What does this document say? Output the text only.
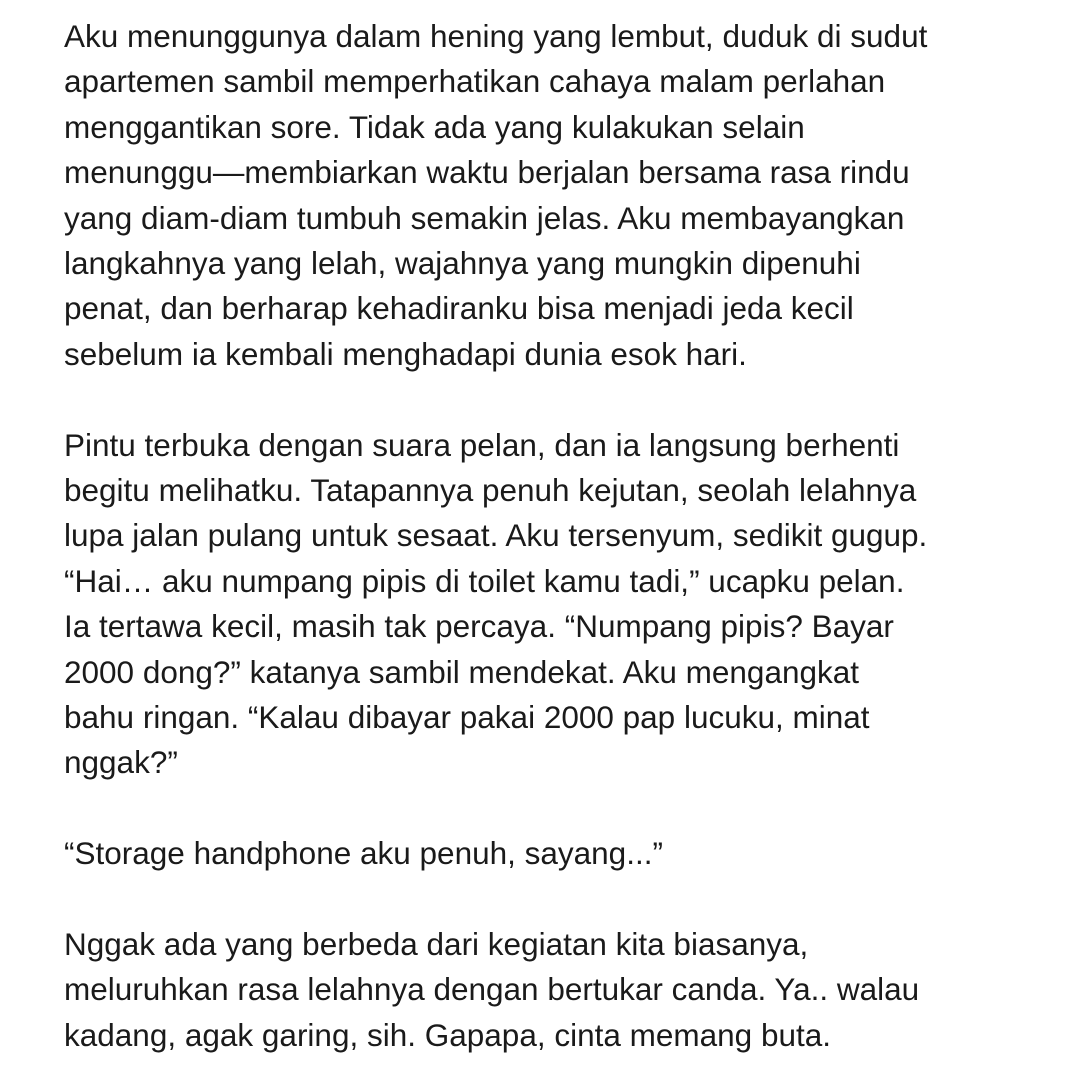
Aku menunggunya dalam hening yang lembut, duduk di sudut
apartemen sambil memperhatikan cahaya malam perlahan
menggantikan sore. Tidak ada yang kulakukan selain
menunggu—membiarkan waktu berjalan bersama rasa rindu
yang diam-diam tumbuh semakin jelas. Aku membayangkan
langkahnya yang lelah, wajahnya yang mungkin dipenuhi
penat, dan berharap kehadiranku bisa menjadi jeda kecil
sebelum ia kembali menghadapi dunia esok hari.

Pintu terbuka dengan suara pelan, dan ia langsung berhenti
begitu melihatku. Tatapannya penuh kejutan, seolah lelahnya
lupa jalan pulang untuk sesaat. Aku tersenyum, sedikit gugup.
“Hai… aku numpang pipis di toilet kamu tadi,” ucapku pelan.
Ia tertawa kecil, masih tak percaya. “Numpang pipis? Bayar
2000 dong?” katanya sambil mendekat. Aku mengangkat
bahu ringan. “Kalau dibayar pakai 2000 pap lucuku, minat
nggak?”

“Storage handphone aku penuh, sayang...”

Nggak ada yang berbeda dari kegiatan kita biasanya,
meluruhkan rasa lelahnya dengan bertukar canda. Ya.. walau
kadang, agak garing, sih. Gapapa, cinta memang buta.
